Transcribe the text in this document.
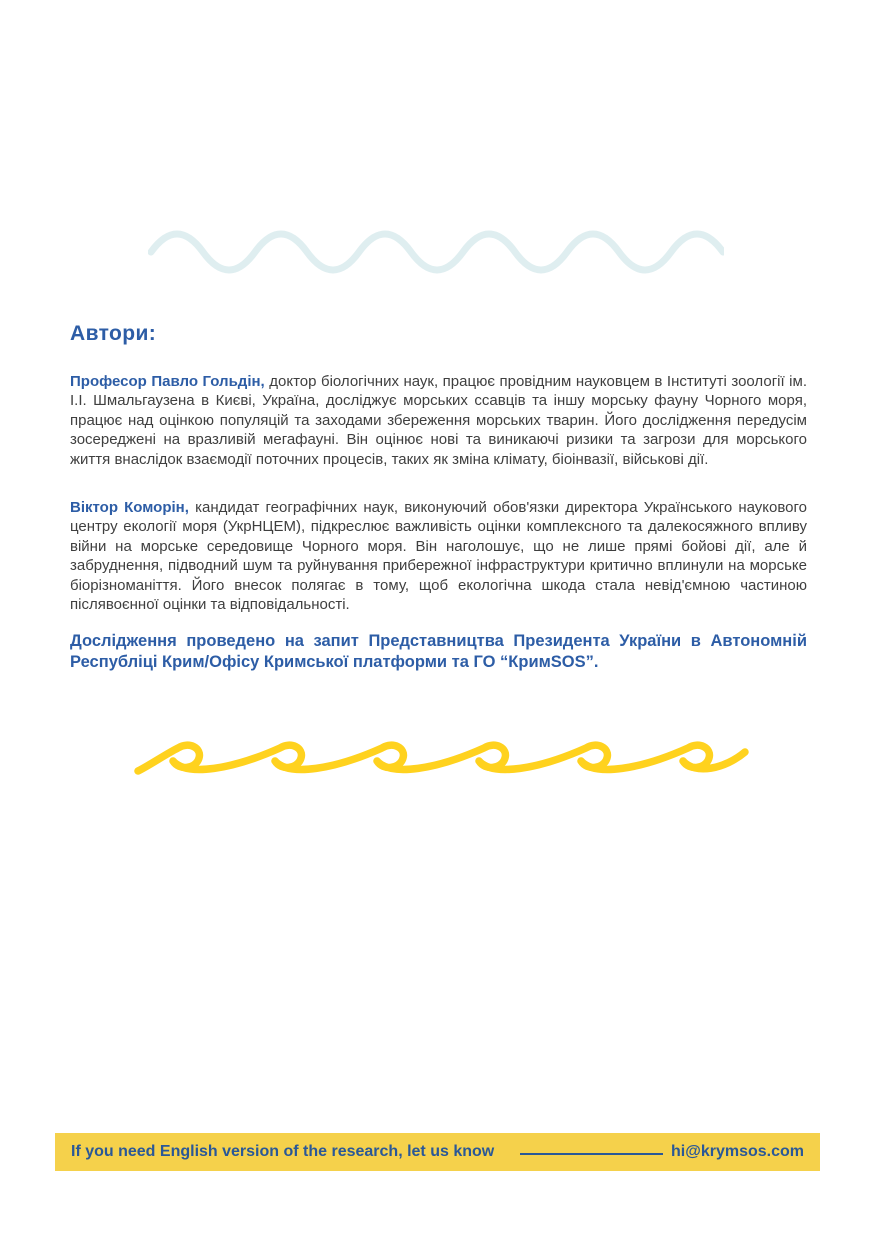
Автори:

Професор Павло Гольдін, доктор біологічних наук, працює провідним науковцем в Інституті зоології ім. І.І. Шмальгаузена в Києві, Україна, досліджує морських ссавців та іншу морську фауну Чорного моря, працює над оцінкою популяцій та заходами збереження морських тварин. Його дослідження передусім зосереджені на вразливій мегафауні. Він оцінює нові та виникаючі ризики та загрози для морського життя внаслідок взаємодії поточних процесів, таких як зміна клімату, біоінвазії, військові дії.

Віктор Коморін, кандидат географічних наук, виконуючий обов'язки директора Українського наукового центру екології моря (УкрНЦЕМ), підкреслює важливість оцінки комплексного та далекосяжного впливу війни на морське середовище Чорного моря. Він наголошує, що не лише прямі бойові дії, але й забруднення, підводний шум та руйнування прибережної інфраструктури критично вплинули на морське біорізноманіття. Його внесок полягає в тому, щоб екологічна шкода стала невід'ємною частиною післявоєнної оцінки та відповідальності.

Дослідження проведено на запит Представництва Президента України в Автономній Республіці Крим/Офісу Кримської платформи та ГО “КримSOS”.

If you need English version of the research, let us know	hi@krymsos.com
